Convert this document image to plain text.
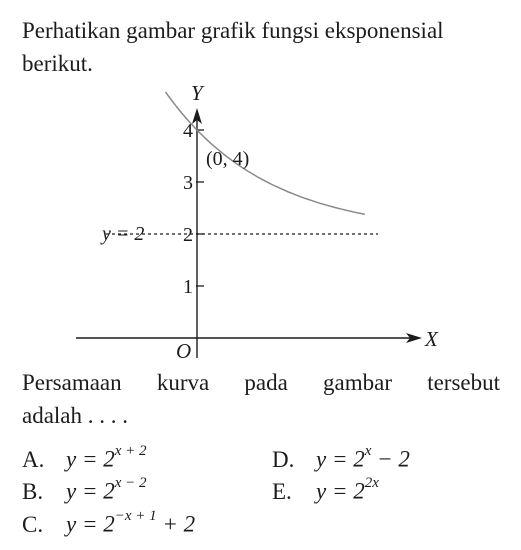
Perhatikan gambar grafik fungsi eksponensial berikut.
1
2
3
4
Y
X
O
y = 2
(0, 4)
Persamaan kurva pada gambar tersebut
adalah . . . .
A. $y = 2^{x + 2}$
B. $y = 2^{x - 2}$
C. $y = 2^{-x + 1} + 2$
D. $y = 2^x - 2$
E. $y = 2^{2x}$
